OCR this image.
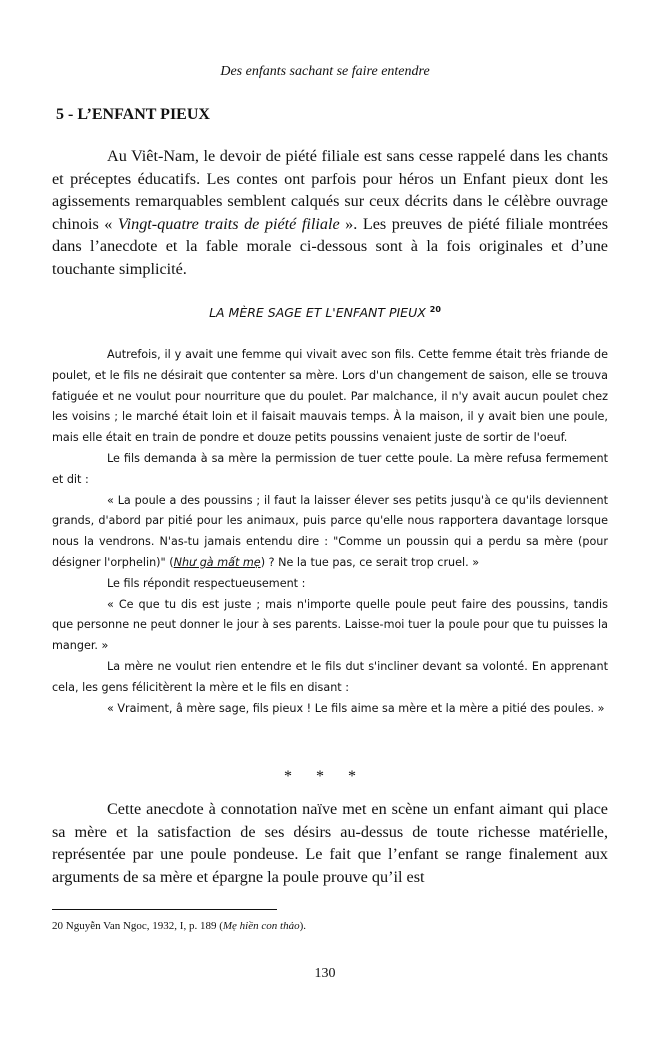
Des enfants sachant se faire entendre
5 - L’ENFANT PIEUX

Au Viêt-Nam, le devoir de piété filiale est sans cesse rappelé dans les chants et préceptes éducatifs. Les contes ont parfois pour héros un Enfant pieux dont les agissements remarquables semblent calqués sur ceux décrits dans le célèbre ouvrage chinois « Vingt-quatre traits de piété filiale ». Les preuves de piété filiale montrées dans l’anecdote et la fable morale ci-dessous sont à la fois originales et d’une touchante simplicité.

LA MÈRE SAGE ET L'ENFANT PIEUX $^{20}$

Autrefois, il y avait une femme qui vivait avec son fils. Cette femme était très friande de poulet, et le fils ne désirait que contenter sa mère. Lors d'un changement de saison, elle se trouva fatiguée et ne voulut pour nourriture que du poulet. Par malchance, il n'y avait aucun poulet chez les voisins ; le marché était loin et il faisait mauvais temps. À la maison, il y avait bien une poule, mais elle était en train de pondre et douze petits poussins venaient juste de sortir de l'oeuf.

Le fils demanda à sa mère la permission de tuer cette poule. La mère refusa fermement et dit :

« La poule a des poussins ; il faut la laisser élever ses petits jusqu'à ce qu'ils deviennent grands, d'abord par pitié pour les animaux, puis parce qu'elle nous rapportera davantage lorsque nous la vendrons. N'as-tu jamais entendu dire : "Comme un poussin qui a perdu sa mère (pour désigner l'orphelin)" (Như gà mất mẹ) ? Ne la tue pas, ce serait trop cruel. »

Le fils répondit respectueusement :

« Ce que tu dis est juste ; mais n'importe quelle poule peut faire des poussins, tandis que personne ne peut donner le jour à ses parents. Laisse-moi tuer la poule pour que tu puisses la manger. »

La mère ne voulut rien entendre et le fils dut s'incliner devant sa volonté. En apprenant cela, les gens félicitèrent la mère et le fils en disant :

« Vraiment, â mère sage, fils pieux ! Le fils aime sa mère et la mère a pitié des poules. »

* * *

Cette anecdote à connotation naïve met en scène un enfant aimant qui place sa mère et la satisfaction de ses désirs au-dessus de toute richesse matérielle, représentée par une poule pondeuse. Le fait que l’enfant se range finalement aux arguments de sa mère et épargne la poule prouve qu’il est

20 Nguyễn Van Ngoc, 1932, I, p. 189 (Mẹ hiền con thảo).
130
